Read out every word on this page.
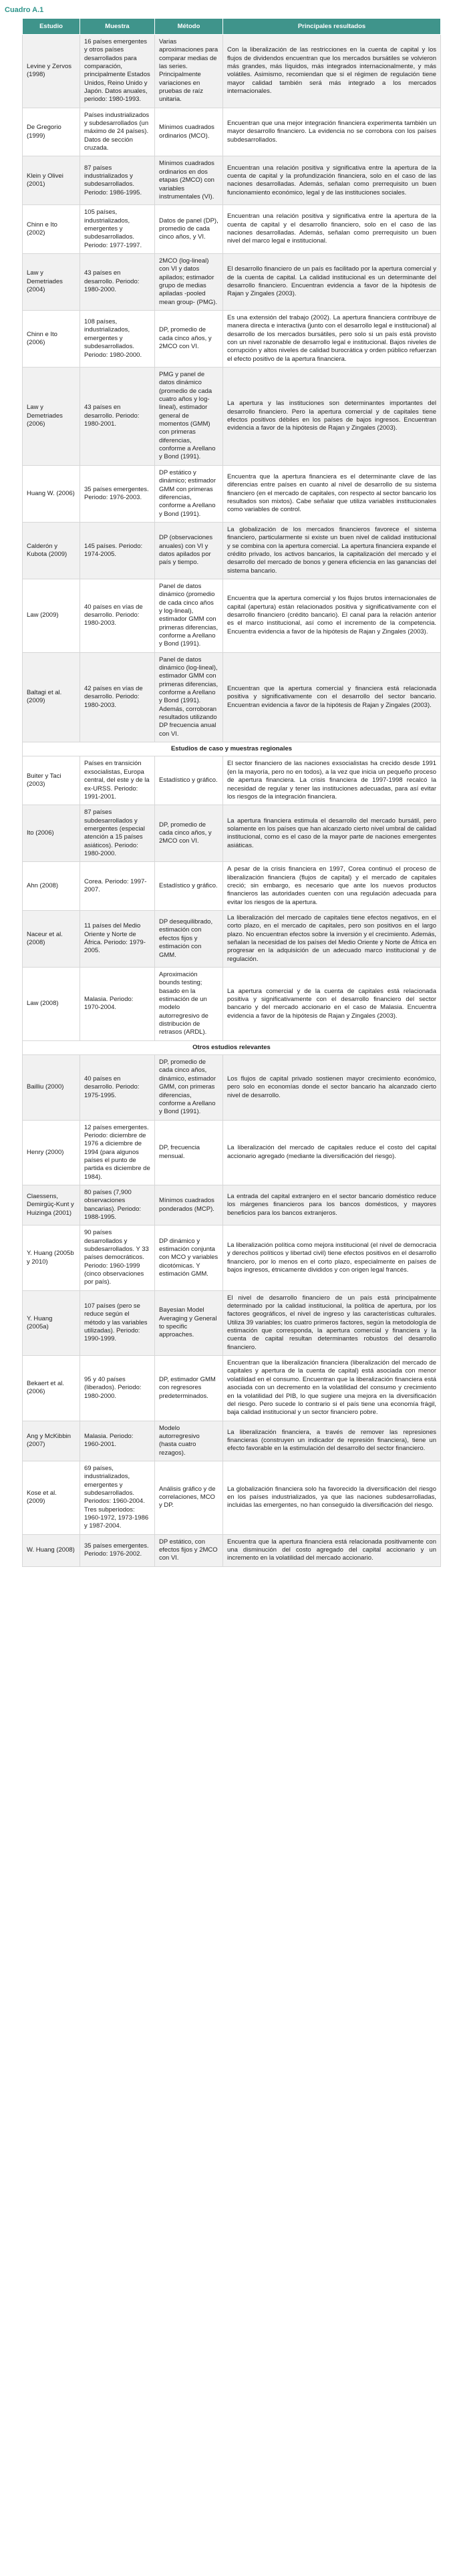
Cuadro A.1
Estudio	Muestra	Método	Principales resultados
Levine y Zervos (1998)	16 países emergentes y otros países desarrollados para comparación, principalmente Estados Unidos, Reino Unido y Japón. Datos anuales, periodo: 1980-1993.	Varias aproximaciones para comparar medias de las series. Principalmente variaciones en pruebas de raíz unitaria.	Con la liberalización de las restricciones en la cuenta de capital y los flujos de dividendos encuentran que los mercados bursátiles se volvieron más grandes, más líquidos, más integrados internacionalmente, y más volátiles. Asimismo, recomiendan que si el régimen de regulación tiene mayor calidad también será más integrado a los mercados internacionales.
De Gregorio (1999)	Países industrializados y subdesarrollados (un máximo de 24 países). Datos de sección cruzada.	Mínimos cuadrados ordinarios (MCO).	Encuentran que una mejor integración financiera experimenta también un mayor desarrollo financiero. La evidencia no se corrobora con los países subdesarrollados.
Klein y Olivei (2001)	87 países industrializados y subdesarrollados. Periodo: 1986-1995.	Mínimos cuadrados ordinarios en dos etapas (2MCO) con variables instrumentales (VI).	Encuentran una relación positiva y significativa entre la apertura de la cuenta de capital y la profundización financiera, solo en el caso de las naciones desarrolladas. Además, señalan como prerrequisito un buen funcionamiento económico, legal y de las instituciones sociales.
Chinn e Ito (2002)	105 países, industrializados, emergentes y subdesarrollados. Periodo: 1977-1997.	Datos de panel (DP), promedio de cada cinco años, y VI.	Encuentran una relación positiva y significativa entre la apertura de la cuenta de capital y el desarrollo financiero, solo en el caso de las naciones desarrolladas. Además, señalan como prerrequisito un buen nivel del marco legal e institucional.
Law y Demetriades (2004)	43 países en desarrollo. Periodo: 1980-2000.	2MCO (log-lineal) con VI y datos apilados; estimador grupo de medias apiladas -pooled mean group- (PMG).	El desarrollo financiero de un país es facilitado por la apertura comercial y de la cuenta de capital. La calidad institucional es un determinante del desarrollo financiero. Encuentran evidencia a favor de la hipótesis de Rajan y Zingales (2003).
Chinn e Ito (2006)	108 países, industrializados, emergentes y subdesarrollados. Periodo: 1980-2000.	DP, promedio de cada cinco años, y 2MCO con VI.	Es una extensión del trabajo (2002). La apertura financiera contribuye de manera directa e interactiva (junto con el desarrollo legal e institucional) al desarrollo de los mercados bursátiles, pero solo si un país está provisto con un nivel razonable de desarrollo legal e institucional. Bajos niveles de corrupción y altos niveles de calidad burocrática y orden público refuerzan el efecto positivo de la apertura financiera.
Law y Demetriades (2006)	43 países en desarrollo. Periodo: 1980-2001.	PMG y panel de datos dinámico (promedio de cada cuatro años y log-lineal), estimador general de momentos (GMM) con primeras diferencias, conforme a Arellano y Bond (1991).	La apertura y las instituciones son determinantes importantes del desarrollo financiero. Pero la apertura comercial y de capitales tiene efectos positivos débiles en los países de bajos ingresos. Encuentran evidencia a favor de la hipótesis de Rajan y Zingales (2003).
Huang W. (2006)	35 países emergentes. Periodo: 1976-2003.	DP estático y dinámico; estimador GMM con primeras diferencias, conforme a Arellano y Bond (1991).	Encuentra que la apertura financiera es el determinante clave de las diferencias entre países en cuanto al nivel de desarrollo de su sistema financiero (en el mercado de capitales, con respecto al sector bancario los resultados son mixtos). Cabe señalar que utiliza variables institucionales como variables de control.
Calderón y Kubota (2009)	145 países. Periodo: 1974-2005.	DP (observaciones anuales) con VI y datos apilados por país y tiempo.	La globalización de los mercados financieros favorece el sistema financiero, particularmente si existe un buen nivel de calidad institucional y se combina con la apertura comercial. La apertura financiera expande el crédito privado, los activos bancarios, la capitalización del mercado y el desarrollo del mercado de bonos y genera eficiencia en las ganancias del sistema bancario.
Law (2009)	40 países en vías de desarrollo. Periodo: 1980-2003.	Panel de datos dinámico (promedio de cada cinco años y log-lineal), estimador GMM con primeras diferencias, conforme a Arellano y Bond (1991).	Encuentra que la apertura comercial y los flujos brutos internacionales de capital (apertura) están relacionados positiva y significativamente con el desarrollo financiero (crédito bancario). El canal para la relación anterior es el marco institucional, así como el incremento de la competencia. Encuentra evidencia a favor de la hipótesis de Rajan y Zingales (2003).
Baltagi et al. (2009)	42 países en vías de desarrollo. Periodo: 1980-2003.	Panel de datos dinámico (log-lineal), estimador GMM con primeras diferencias, conforme a Arellano y Bond (1991). Además, corroboran resultados utilizando DP frecuencia anual con VI.	Encuentran que la apertura comercial y financiera está relacionada positiva y significativamente con el desarrollo del sector bancario. Encuentran evidencia a favor de la hipótesis de Rajan y Zingales (2003).
Estudios de caso y muestras regionales			
Buiter y Taci (2003)	Países en transición exsocialistas, Europa central, del este y de la ex-URSS. Periodo: 1991-2001.	Estadístico y gráfico.	El sector financiero de las naciones exsocialistas ha crecido desde 1991 (en la mayoría, pero no en todos), a la vez que inicia un pequeño proceso de apertura financiera. La crisis financiera de 1997-1998 recalcó la necesidad de regular y tener las instituciones adecuadas, para así evitar los riesgos de la integración financiera.
Ito (2006)	87 países subdesarrollados y emergentes (especial atención a 15 países asiáticos). Periodo: 1980-2000.	DP, promedio de cada cinco años, y 2MCO con VI.	La apertura financiera estimula el desarrollo del mercado bursátil, pero solamente en los países que han alcanzado cierto nivel umbral de calidad institucional, como es el caso de la mayor parte de naciones emergentes asiáticas.
Ahn (2008)	Corea. Periodo: 1997-2007.	Estadístico y gráfico.	A pesar de la crisis financiera en 1997, Corea continuó el proceso de liberalización financiera (flujos de capital) y el mercado de capitales creció; sin embargo, es necesario que ante los nuevos productos financieros las autoridades cuenten con una regulación adecuada para evitar los riesgos de la apertura.
Naceur et al. (2008)	11 países del Medio Oriente y Norte de África. Periodo: 1979-2005.	DP desequilibrado, estimación con efectos fijos y estimación con GMM.	La liberalización del mercado de capitales tiene efectos negativos, en el corto plazo, en el mercado de capitales, pero son positivos en el largo plazo. No encuentran efectos sobre la inversión y el crecimiento. Además, señalan la necesidad de los países del Medio Oriente y Norte de África en progresar en la adquisición de un adecuado marco institucional y de regulación.
Law (2008)	Malasia. Periodo: 1970-2004.	Aproximación bounds testing; basado en la estimación de un modelo autorregresivo de distribución de retrasos (ARDL).	La apertura comercial y de la cuenta de capitales está relacionada positiva y significativamente con el desarrollo financiero del sector bancario y del mercado accionario en el caso de Malasia. Encuentra evidencia a favor de la hipótesis de Rajan y Zingales (2003).
Otros estudios relevantes			
Bailliu (2000)	40 países en desarrollo. Periodo: 1975-1995.	DP, promedio de cada cinco años, dinámico, estimador GMM, con primeras diferencias, conforme a Arellano y Bond (1991).	Los flujos de capital privado sostienen mayor crecimiento económico, pero solo en economías donde el sector bancario ha alcanzado cierto nivel de desarrollo.
Henry (2000)	12 países emergentes. Periodo: diciembre de 1976 a diciembre de 1994 (para algunos países el punto de partida es diciembre de 1984).	DP, frecuencia mensual.	La liberalización del mercado de capitales reduce el costo del capital accionario agregado (mediante la diversificación del riesgo).
Claessens, Demirgüç-Kunt y Huizinga (2001)	80 países (7,900 observaciones bancarias). Periodo: 1988-1995.	Mínimos cuadrados ponderados (MCP).	La entrada del capital extranjero en el sector bancario doméstico reduce los márgenes financieros para los bancos domésticos, y mayores beneficios para los bancos extranjeros.
Y. Huang (2005b y 2010)	90 países desarrollados y subdesarrollados. Y 33 países democráticos. Periodo: 1960-1999 (cinco observaciones por país).	DP dinámico y estimación conjunta con MCO y variables dicotómicas. Y estimación GMM.	La liberalización política como mejora institucional (el nivel de democracia y derechos políticos y libertad civil) tiene efectos positivos en el desarrollo financiero, por lo menos en el corto plazo, especialmente en países de bajos ingresos, étnicamente divididos y con origen legal francés.
Y. Huang (2005a)	107 países (pero se reduce según el método y las variables utilizadas). Periodo: 1990-1999.	Bayesian Model Averaging y General to specific approaches.	El nivel de desarrollo financiero de un país está principalmente determinado por la calidad institucional, la política de apertura, por los factores geográficos, el nivel de ingreso y las características culturales. Utiliza 39 variables; los cuatro primeros factores, según la metodología de estimación que corresponda, la apertura comercial y financiera y la cuenta de capital resultan determinantes robustos del desarrollo financiero.
Bekaert et al. (2006)	95 y 40 países (liberados). Periodo: 1980-2000.	DP, estimador GMM con regresores predeterminados.	Encuentran que la liberalización financiera (liberalización del mercado de capitales y apertura de la cuenta de capital) está asociada con menor volatilidad en el consumo. Encuentran que la liberalización financiera está asociada con un decremento en la volatilidad del consumo y crecimiento en la volatilidad del PIB, lo que sugiere una mejora en la diversificación del riesgo. Pero sucede lo contrario si el país tiene una economía frágil, baja calidad institucional y un sector financiero pobre.
Ang y McKibbin (2007)	Malasia. Periodo: 1960-2001.	Modelo autorregresivo (hasta cuatro rezagos).	La liberalización financiera, a través de remover las represiones financieras (construyen un indicador de represión financiera), tiene un efecto favorable en la estimulación del desarrollo del sector financiero.
Kose et al. (2009)	69 países, industrializados, emergentes y subdesarrollados. Periodos: 1960-2004. Tres subperiodos: 1960-1972, 1973-1986 y 1987-2004.	Análisis gráfico y de correlaciones, MCO y DP.	La globalización financiera solo ha favorecido la diversificación del riesgo en los países industrializados, ya que las naciones subdesarrolladas, incluidas las emergentes, no han conseguido la diversificación del riesgo.
W. Huang (2008)	35 países emergentes. Periodo: 1976-2002.	DP estático, con efectos fijos y 2MCO con VI.	Encuentra que la apertura financiera está relacionada positivamente con una disminución del costo agregado del capital accionario y un incremento en la volatilidad del mercado accionario.
